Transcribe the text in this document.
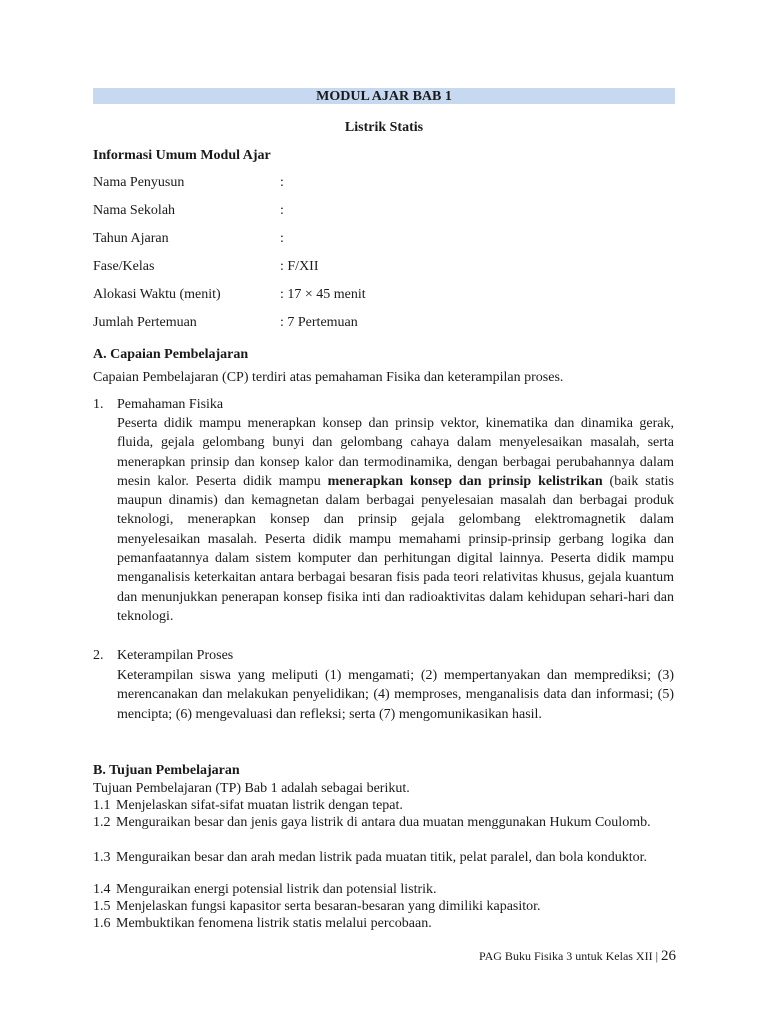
MODUL AJAR BAB 1
Listrik Statis
Informasi Umum Modul Ajar
Nama Penyusun	:
Nama Sekolah	:
Tahun Ajaran	:
Fase/Kelas	: F/XII
Alokasi Waktu (menit)	: 17 × 45 menit
Jumlah Pertemuan	: 7 Pertemuan
A. Capaian Pembelajaran
Capaian Pembelajaran (CP) terdiri atas pemahaman Fisika dan keterampilan proses.
1. Pemahaman Fisika
Peserta didik mampu menerapkan konsep dan prinsip vektor, kinematika dan dinamika gerak, fluida, gejala gelombang bunyi dan gelombang cahaya dalam menyelesaikan masalah, serta menerapkan prinsip dan konsep kalor dan termodinamika, dengan berbagai perubahannya dalam mesin kalor. Peserta didik mampu menerapkan konsep dan prinsip kelistrikan (baik statis maupun dinamis) dan kemagnetan dalam berbagai penyelesaian masalah dan berbagai produk teknologi, menerapkan konsep dan prinsip gejala gelombang elektromagnetik dalam menyelesaikan masalah. Peserta didik mampu memahami prinsip-prinsip gerbang logika dan pemanfaatannya dalam sistem komputer dan perhitungan digital lainnya. Peserta didik mampu menganalisis keterkaitan antara berbagai besaran fisis pada teori relativitas khusus, gejala kuantum dan menunjukkan penerapan konsep fisika inti dan radioaktivitas dalam kehidupan sehari-hari dan teknologi.
2. Keterampilan Proses
Keterampilan siswa yang meliputi (1) mengamati; (2) mempertanyakan dan memprediksi; (3) merencanakan dan melakukan penyelidikan; (4) memproses, menganalisis data dan informasi; (5) mencipta; (6) mengevaluasi dan refleksi; serta (7) mengomunikasikan hasil.
B. Tujuan Pembelajaran
Tujuan Pembelajaran (TP) Bab 1 adalah sebagai berikut.
1.1 Menjelaskan sifat-sifat muatan listrik dengan tepat.
1.2 Menguraikan besar dan jenis gaya listrik di antara dua muatan menggunakan Hukum Coulomb.
1.3 Menguraikan besar dan arah medan listrik pada muatan titik, pelat paralel, dan bola konduktor.
1.4 Menguraikan energi potensial listrik dan potensial listrik.
1.5 Menjelaskan fungsi kapasitor serta besaran-besaran yang dimiliki kapasitor.
1.6 Membuktikan fenomena listrik statis melalui percobaan.
PAG Buku Fisika 3 untuk Kelas XII | 26
